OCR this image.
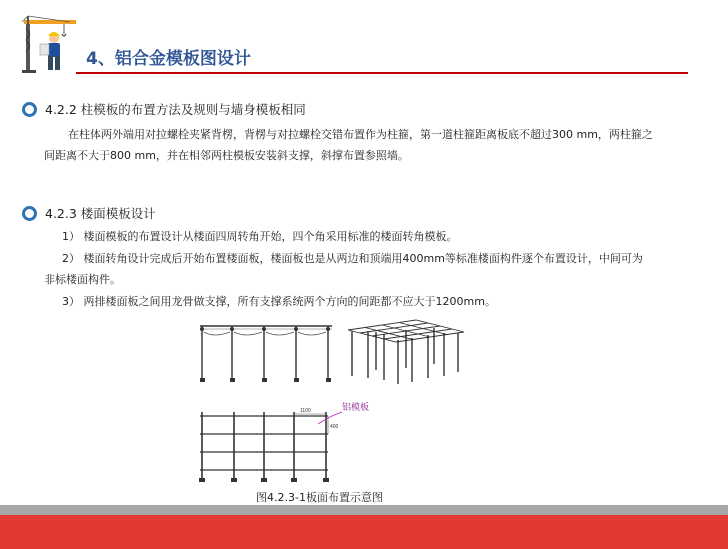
4、铝合金模板图设计
4.2.2 柱模板的布置方法及规则与墙身模板相同
在柱体两外端用对拉螺栓夹紧背楞，背楞与对拉螺栓交错布置作为柱箍，第一道柱箍距离板底不超过300 mm，两柱箍之
间距离不大于800 mm，并在相邻两柱模板安装斜支撑，斜撑布置参照墙。
4.2.3 楼面模板设计
1） 楼面模板的布置设计从楼面四周转角开始，四个角采用标准的楼面转角模板。
2） 楼面转角设计完成后开始布置楼面板，楼面板也是从两边和顶端用400mm等标准楼面构件逐个布置设计，中间可为
非标楼面构件。
3） 两排楼面板之间用龙骨做支撑，所有支撑系统两个方向的间距都不应大于1200mm。
1100
400
铝模板
图4.2.3-1板面布置示意图
